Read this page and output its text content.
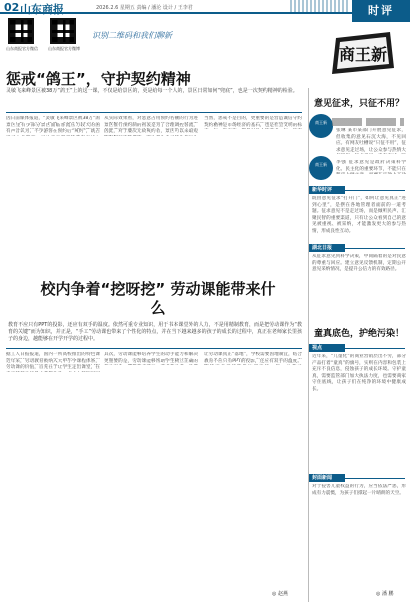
02 山东商报	2026.2.6 星期五 责编 / 潘沦 设计 / 王李君	时评
山东商报官方微信	山东商报官方微博
识别二维码和我们聊新
商王新
惩戒“鸽王”，守护契约精神
灵敏飞来峰景区被38万“鸽王”上的这一课，不仅是给景区的，更是给每一个人的，景区日常如何“兜底”，也是一次契约精神的检验。
因日前媒体报道，“灵敏飞来峰景区被38万“鸽
景区里有少部分景区面临客流压力较大的困
有声音认为，不少游客在预约后“爽约”，既占
从实际效果看，对恶意占用预约名额的行为进
景区推行预约制的初衷是为了合理调控客流，
因此，对于屡次无故爽约者，景区可以采取短
当然，惩戒不是目的，更重要的是营造诚信守约
契约精神是市场经济的基石，也是社会文明的标
校内争着“挖呀挖” 劳动课能带来什么
教育不应只有PPT的投影，还应有双手的温度。依然可重专业知识，用于书本课堂外的人力，不是用精制教育，而是把劳动课作为“教育的关键”而为知识，并正是，“手工”劳动课也带来了个性化的特点，并在当下越来越多的孩子的成长的过程中，真正在老师家长里孩子的身边，越能够在开学开学的过程中。
据工人日报报道，国内一所高校推出的特色课
近年来，劳动教育被纳入大中小学课程体系，
劳动课的价值，首先在于让学生走出课堂，在
其次，劳动课能够培养学生的动手能力和解决
更重要的是，劳动课能够帮助学生树立正确的
让劳动课真正“落地”，学校需要因地制宜，结合
教育不应只有PPT的投影，还应有双手的温度。
◎ 赵燕
意见征求，只征不用？
商王新
张琳 某市某部门开展意见征求，但收集的意见石沉大海，不见回应。有网友吐槽说“只征不用”，征求意见走过场，让公众参与热情大
商王新	李强 征求意见是政府决策科学化、民主化的重要环节，不能只在
新华时评
既由意见征求“打开门”，如何让意见真正“进到心里”，是摆在各地管理者面前的一道考题。征求意见不是走过场，而是倾听民声、汇聚民智的重要渠道，只有让公众看到自己的意见被重视、被采纳，才能激发更大的参与热情，形成良性互动。
湖北日报
从征求意见到科学决策，中间隔着的是对民意的尊重与回应。建立意见反馈机制，定期公开意见采纳情况，是提升公信力的有效路径。
童真底色，护绝污染！
视点
近年来，“儿童化”的商业营销层出不穷，部分产品打着“童真”的旗号，实则在内容和包装上充斥不良信息，侵蚀孩子的成长环境。守护童真，需要监管部门加大执法力度，也需要商家守住底线，让孩子们在纯净的环境中健康成长。
封面新闻
对于侵害儿童权益的行为，应当依法严惩，形成有力震慑，为孩子们撑起一片晴朗的天空。
◎ 潘 鹏
